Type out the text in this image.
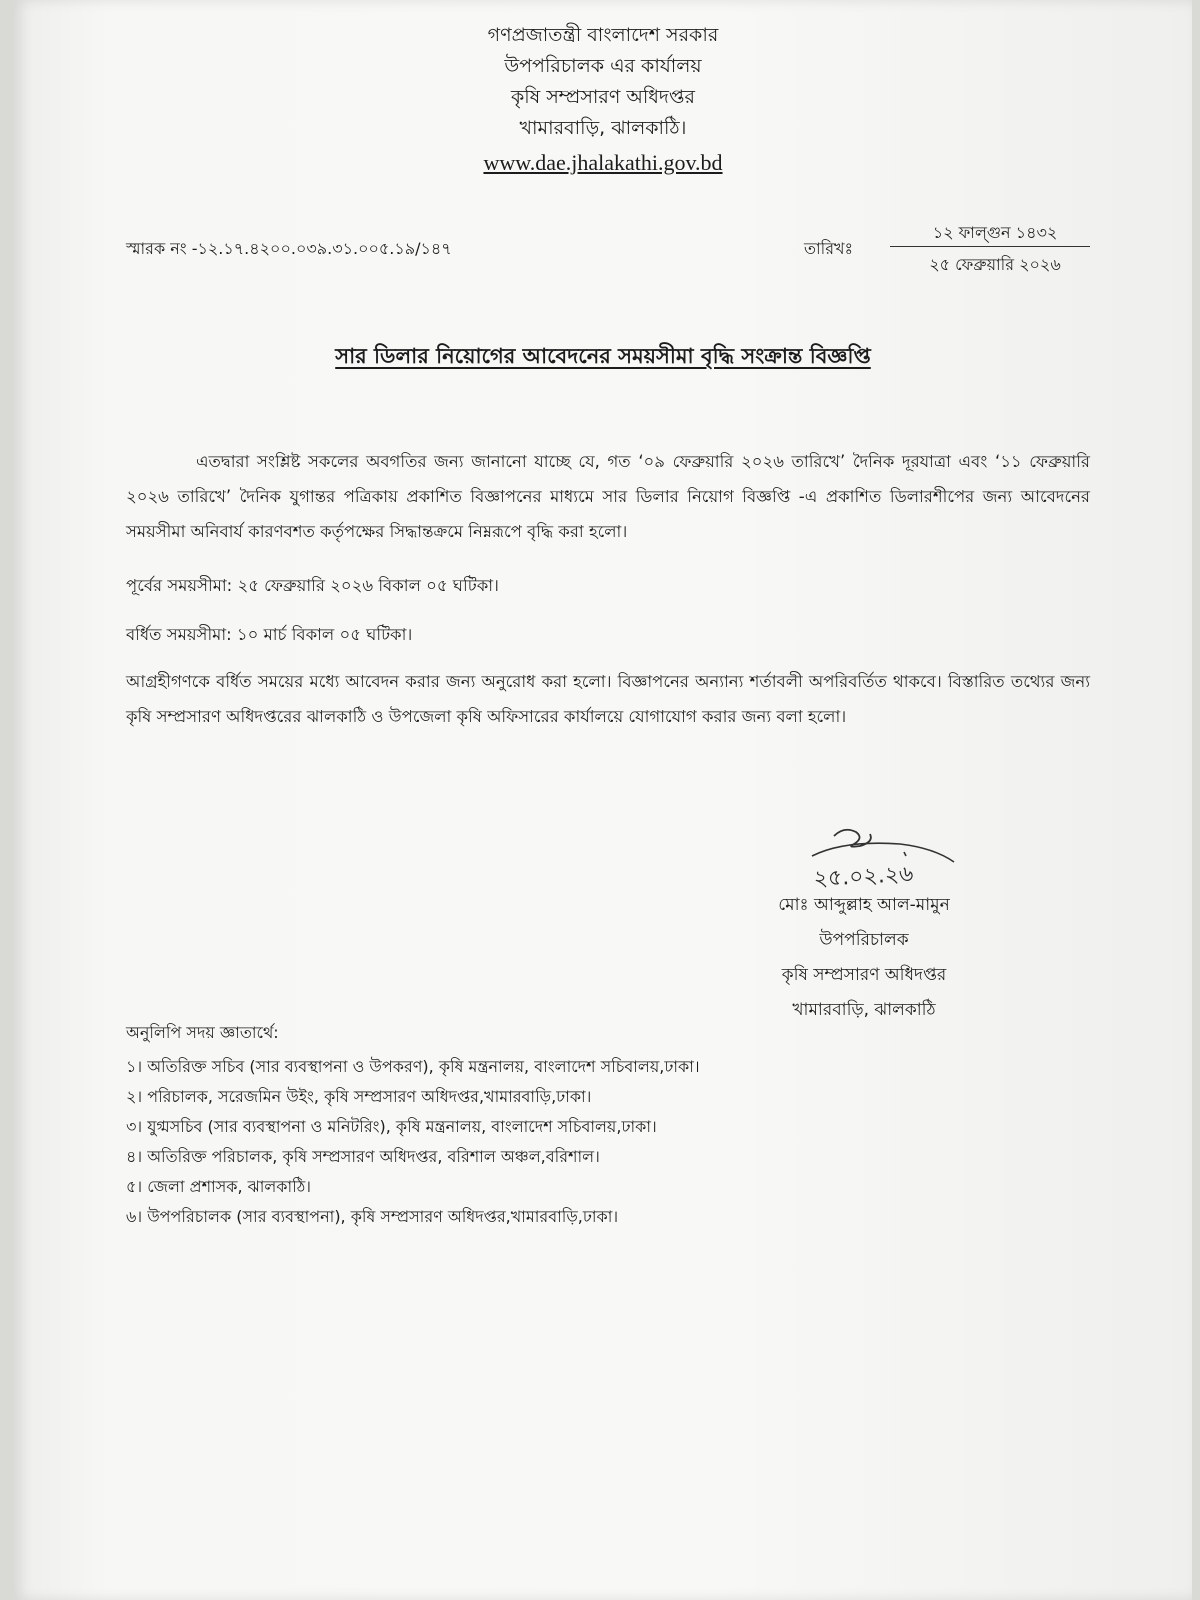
গণপ্রজাতন্ত্রী বাংলাদেশ সরকার
উপপরিচালক এর কার্যালয়
কৃষি সম্প্রসারণ অধিদপ্তর
খামারবাড়ি, ঝালকাঠি।
www.dae.jhalakathi.gov.bd
স্মারক নং -১২.১৭.৪২০০.০৩৯.৩১.০০৫.১৯/১৪৭	তারিখঃ
১২ ফাল্গুন ১৪৩২
২৫ ফেব্রুয়ারি ২০২৬
সার ডিলার নিয়োগের আবেদনের সময়সীমা বৃদ্ধি সংক্রান্ত বিজ্ঞপ্তি
এতদ্বারা সংশ্লিষ্ট সকলের অবগতির জন্য জানানো যাচ্ছে যে, গত ‘০৯ ফেব্রুয়ারি ২০২৬ তারিখে’ দৈনিক দূরযাত্রা এবং ‘১১ ফেব্রুয়ারি ২০২৬ তারিখে’ দৈনিক যুগান্তর পত্রিকায় প্রকাশিত বিজ্ঞাপনের মাধ্যমে সার ডিলার নিয়োগ বিজ্ঞপ্তি -এ প্রকাশিত ডিলারশীপের জন্য আবেদনের সময়সীমা অনিবার্য কারণবশত কর্তৃপক্ষের সিদ্ধান্তক্রমে নিম্নরূপে বৃদ্ধি করা হলো।
পূর্বের সময়সীমা: ২৫ ফেব্রুয়ারি ২০২৬ বিকাল ০৫ ঘটিকা।
বর্ধিত সময়সীমা: ১০ মার্চ বিকাল ০৫ ঘটিকা।
আগ্রহীগণকে বর্ধিত সময়ের মধ্যে আবেদন করার জন্য অনুরোধ করা হলো। বিজ্ঞাপনের অন্যান্য শর্তাবলী অপরিবর্তিত থাকবে। বিস্তারিত তথ্যের জন্য কৃষি সম্প্রসারণ অধিদপ্তরের ঝালকাঠি ও উপজেলা কৃষি অফিসারের কার্যালয়ে যোগাযোগ করার জন্য বলা হলো।
২৫.০২.২৬
মোঃ আব্দুল্লাহ আল-মামুন
উপপরিচালক
কৃষি সম্প্রসারণ অধিদপ্তর
খামারবাড়ি, ঝালকাঠি
অনুলিপি সদয় জ্ঞাতার্থে:
১। অতিরিক্ত সচিব (সার ব্যবস্থাপনা ও উপকরণ), কৃষি মন্ত্রনালয়, বাংলাদেশ সচিবালয়,ঢাকা।
২। পরিচালক, সরেজমিন উইং, কৃষি সম্প্রসারণ অধিদপ্তর,খামারবাড়ি,ঢাকা।
৩। যুগ্মসচিব (সার ব্যবস্থাপনা ও মনিটরিং), কৃষি মন্ত্রনালয়, বাংলাদেশ সচিবালয়,ঢাকা।
৪। অতিরিক্ত পরিচালক, কৃষি সম্প্রসারণ অধিদপ্তর, বরিশাল অঞ্চল,বরিশাল।
৫। জেলা প্রশাসক, ঝালকাঠি।
৬। উপপরিচালক (সার ব্যবস্থাপনা), কৃষি সম্প্রসারণ অধিদপ্তর,খামারবাড়ি,ঢাকা।
